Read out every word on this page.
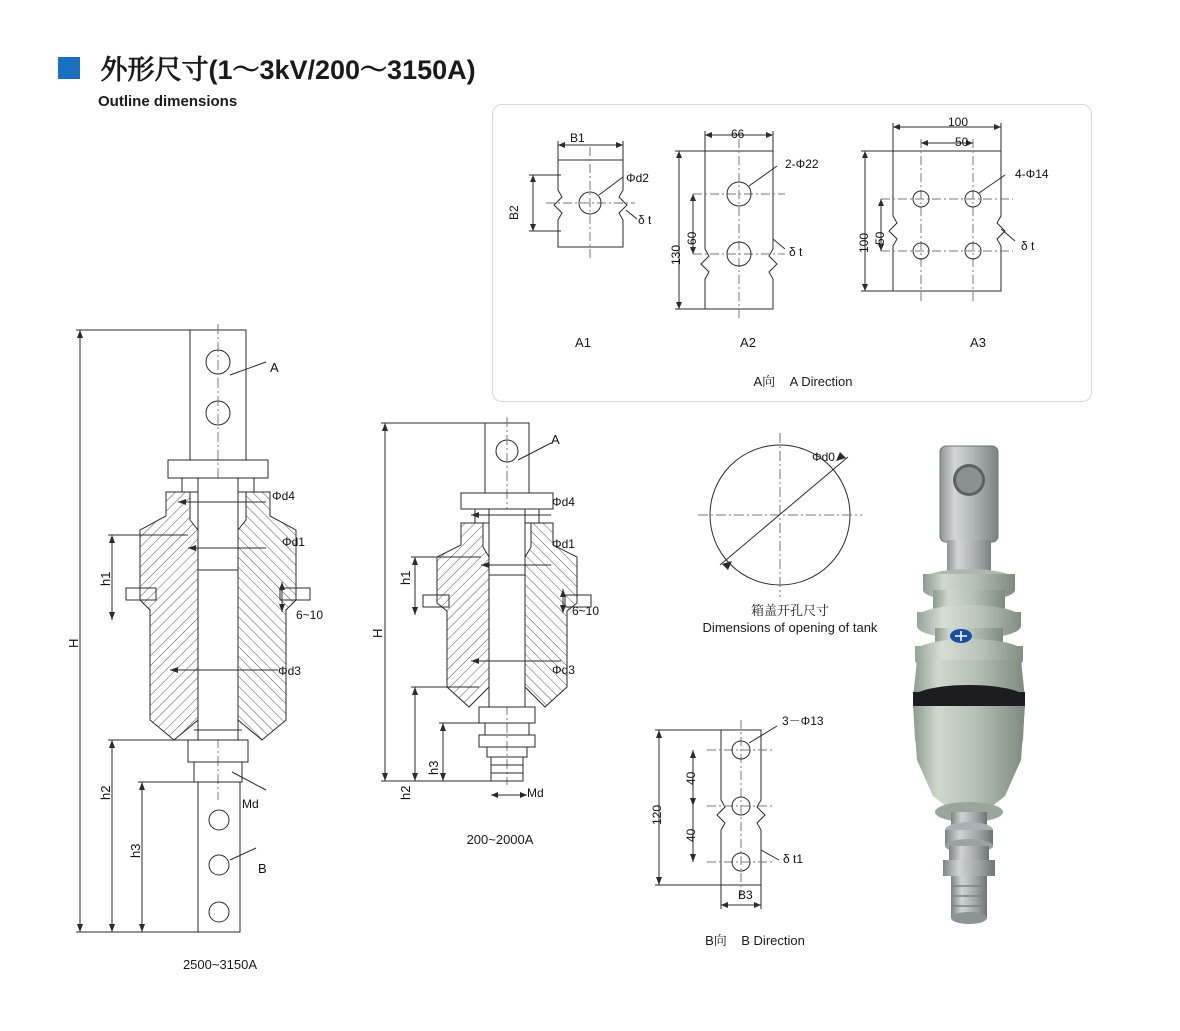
外形尺寸(1～3kV/200～3150A)
Outline dimensions
B1
B2
Φd2
δ t
A1
66
130
60
2-Φ22
δ t
A2
100
50
100 50
4-Φ14
δ t
A3
A向 A Direction
A
B
H
h1
h2
h3
Φd4
Φd1
Φd3
6~10
Md
2500~3150A
A
H
h1
h2
h3
Φd4
Φd1
Φd3
6~10
Md
200~2000A
Φd0
箱盖开孔尺寸
Dimensions of opening of tank
3－Φ13
120
40
40
δ t1
B3
B向 B Direction
